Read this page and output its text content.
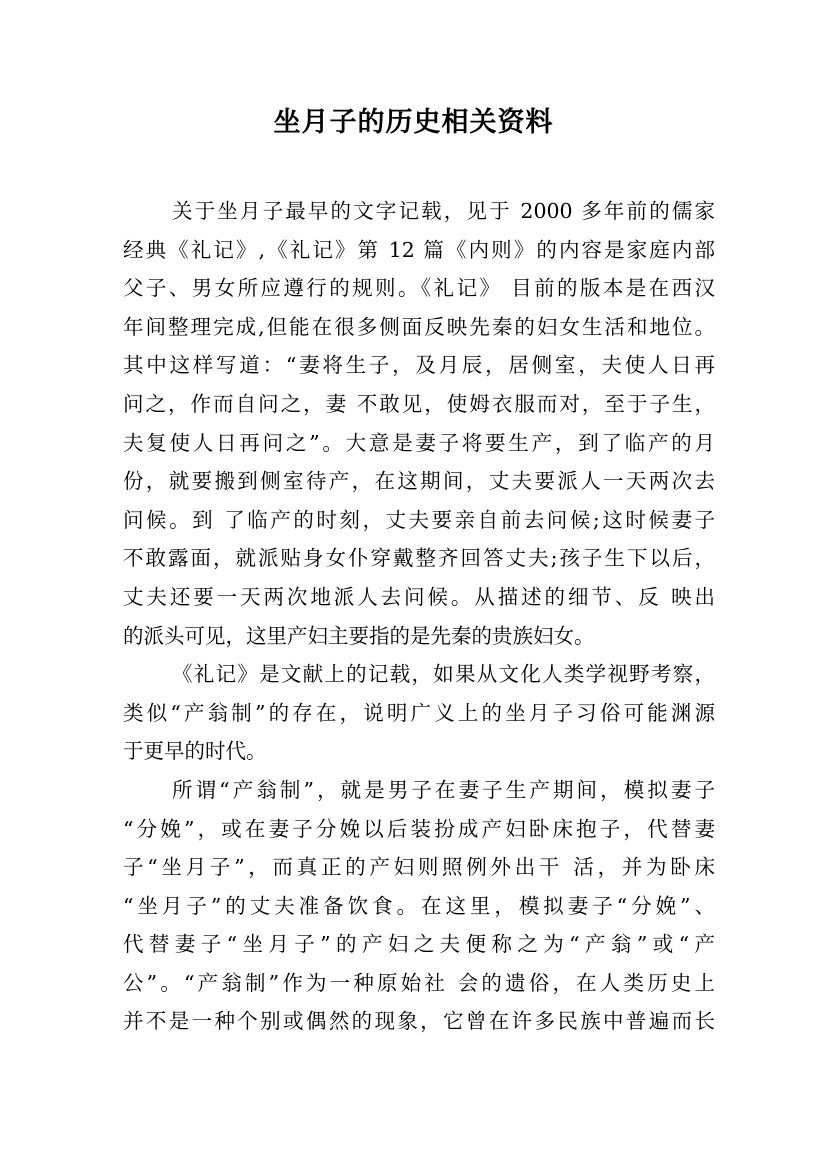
坐月子的历史相关资料
关于坐月子最早的文字记载，见于 2000 多年前的儒家
经典《礼记》,《礼记》第 12 篇《内则》的内容是家庭内部
父子、男女所应遵行的规则。《礼记》 目前的版本是在西汉
年间整理完成,但能在很多侧面反映先秦的妇女生活和地位。
其中这样写道：“妻将生子，及月辰，居侧室，夫使人日再
问之，作而自问之，妻 不敢见，使姆衣服而对，至于子生，
夫复使人日再问之”。大意是妻子将要生产，到了临产的月
份，就要搬到侧室待产，在这期间，丈夫要派人一天两次去
问候。到 了临产的时刻，丈夫要亲自前去问候;这时候妻子
不敢露面，就派贴身女仆穿戴整齐回答丈夫;孩子生下以后，
丈夫还要一天两次地派人去问候。从描述的细节、反 映出
的派头可见，这里产妇主要指的是先秦的贵族妇女。
《礼记》是文献上的记载，如果从文化人类学视野考察，
类似“产翁制”的存在，说明广义上的坐月子习俗可能渊源
于更早的时代。
所谓“产翁制”，就是男子在妻子生产期间，模拟妻子
“分娩”，或在妻子分娩以后装扮成产妇卧床抱子，代替妻
子“坐月子”，而真正的产妇则照例外出干 活，并为卧床
“坐月子”的丈夫准备饮食。在这里，模拟妻子“分娩”、
代替妻子“坐月子”的产妇之夫便称之为“产翁”或“产
公”。“产翁制”作为一种原始社 会的遗俗，在人类历史上
并不是一种个别或偶然的现象，它曾在许多民族中普遍而长
